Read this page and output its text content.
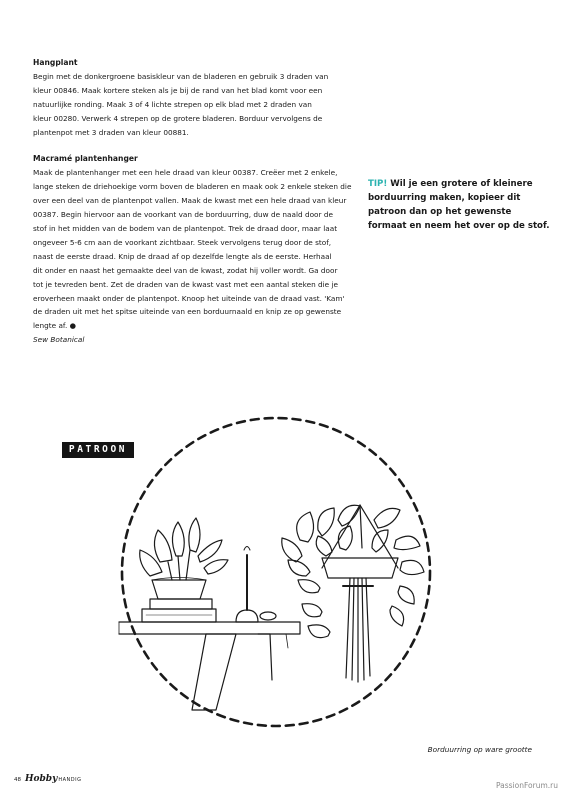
Hangplant
Begin met de donkergroene basiskleur van de bladeren en gebruik 3 draden van
kleur 00846. Maak kortere steken als je bij de rand van het blad komt voor een
natuurlijke ronding. Maak 3 of 4 lichte strepen op elk blad met 2 draden van
kleur 00280. Verwerk 4 strepen op de grotere bladeren. Borduur vervolgens de
plantenpot met 3 draden van kleur 00881.
Macramé plantenhanger
Maak de plantenhanger met een hele draad van kleur 00387. Creëer met 2 enkele,
lange steken de driehoekige vorm boven de bladeren en maak ook 2 enkele steken die
over een deel van de plantenpot vallen. Maak de kwast met een hele draad van kleur
00387. Begin hiervoor aan de voorkant van de borduurring, duw de naald door de
stof in het midden van de bodem van de plantenpot. Trek de draad door, maar laat
ongeveer 5-6 cm aan de voorkant zichtbaar. Steek vervolgens terug door de stof,
naast de eerste draad. Knip de draad af op dezelfde lengte als de eerste. Herhaal
dit onder en naast het gemaakte deel van de kwast, zodat hij voller wordt. Ga door
tot je tevreden bent. Zet de draden van de kwast vast met een aantal steken die je
eroverheen maakt onder de plantenpot. Knoop het uiteinde van de draad vast. 'Kam'
de draden uit met het spitse uiteinde van een borduurnaald en knip ze op gewenste
lengte af. ●
Sew Botanical
TIP! Wil je een grotere of kleinere
borduurring maken, kopieer dit
patroon dan op het gewenste
formaat en neem het over op de stof.
PATROON
Borduurring op ware grootte
48 HobbyHANDIG
PassionForum.ru
